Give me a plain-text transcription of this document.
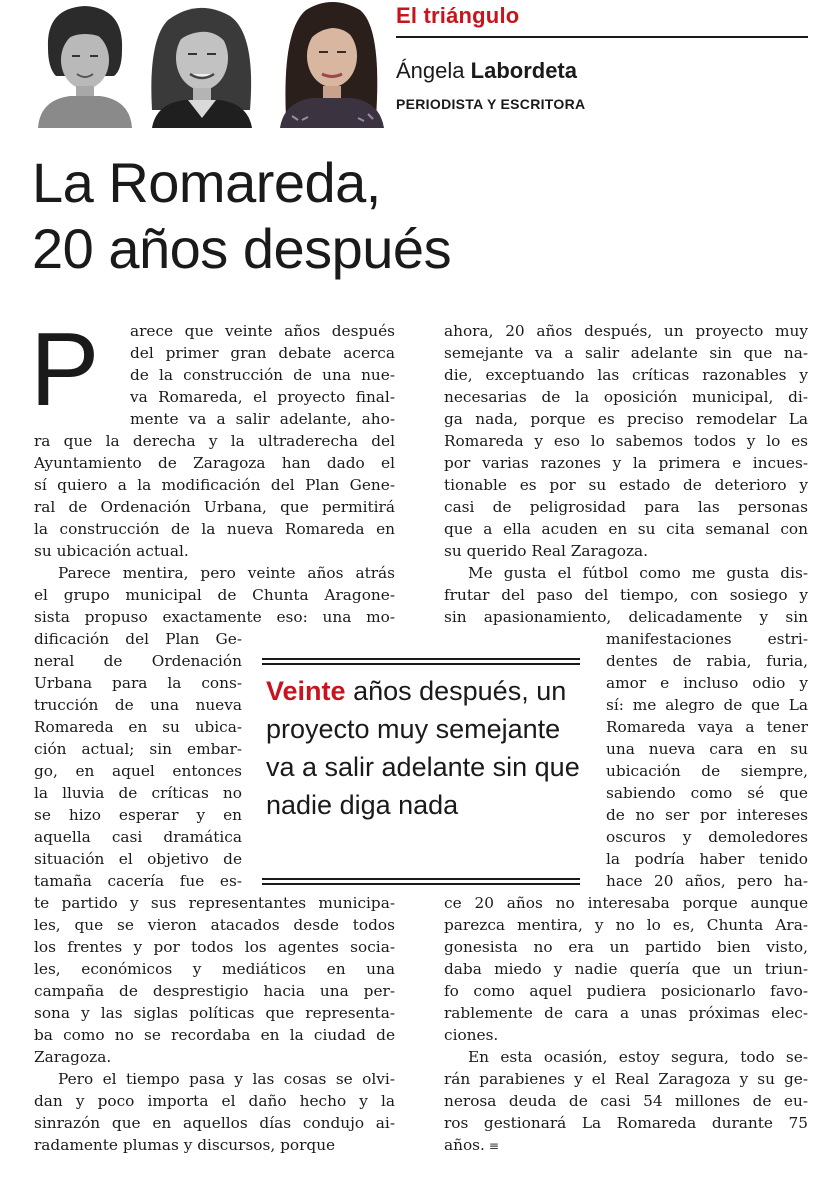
El triángulo
Ángela Labordeta
PERIODISTA Y ESCRITORA
La Romareda,
20 años después
P arece que veinte años después
del primer gran debate acerca
de la construcción de una nue-
va Romareda, el proyecto final-
mente va a salir adelante, aho-
ra que la derecha y la ultraderecha del
Ayuntamiento de Zaragoza han dado el
sí quiero a la modificación del Plan Gene-
ral de Ordenación Urbana, que permitirá
la construcción de la nueva Romareda en
su ubicación actual.
Parece mentira, pero veinte años atrás
el grupo municipal de Chunta Aragone-
sista propuso exactamente eso: una mo-
dificación del Plan Ge-
neral de Ordenación
Urbana para la cons-
trucción de una nueva
Romareda en su ubica-
ción actual; sin embar-
go, en aquel entonces
la lluvia de críticas no
se hizo esperar y en
aquella casi dramática
situación el objetivo de
tamaña cacería fue es-
te partido y sus representantes municipa-
les, que se vieron atacados desde todos
los frentes y por todos los agentes socia-
les, económicos y mediáticos en una
campaña de desprestigio hacia una per-
sona y las siglas políticas que representa-
ba como no se recordaba en la ciudad de
Zaragoza.
Pero el tiempo pasa y las cosas se olvi-
dan y poco importa el daño hecho y la
sinrazón que en aquellos días condujo ai-
radamente plumas y discursos, porque
ahora, 20 años después, un proyecto muy
semejante va a salir adelante sin que na-
die, exceptuando las críticas razonables y
necesarias de la oposición municipal, di-
ga nada, porque es preciso remodelar La
Romareda y eso lo sabemos todos y lo es
por varias razones y la primera e incues-
tionable es por su estado de deterioro y
casi de peligrosidad para las personas
que a ella acuden en su cita semanal con
su querido Real Zaragoza.
Me gusta el fútbol como me gusta dis-
frutar del paso del tiempo, con sosiego y
sin apasionamiento, delicadamente y sin
manifestaciones estri-
dentes de rabia, furia,
amor e incluso odio y
sí: me alegro de que La
Romareda vaya a tener
una nueva cara en su
ubicación de siempre,
sabiendo como sé que
de no ser por intereses
oscuros y demoledores
la podría haber tenido
hace 20 años, pero ha-
ce 20 años no interesaba porque aunque
parezca mentira, y no lo es, Chunta Ara-
gonesista no era un partido bien visto,
daba miedo y nadie quería que un triun-
fo como aquel pudiera posicionarlo favo-
rablemente de cara a unas próximas elec-
ciones.
En esta ocasión, estoy segura, todo se-
rán parabienes y el Real Zaragoza y su ge-
nerosa deuda de casi 54 millones de eu-
ros gestionará La Romareda durante 75
años. ≡
Veinte años después, un proyecto muy semejante va a salir adelante sin que nadie diga nada
